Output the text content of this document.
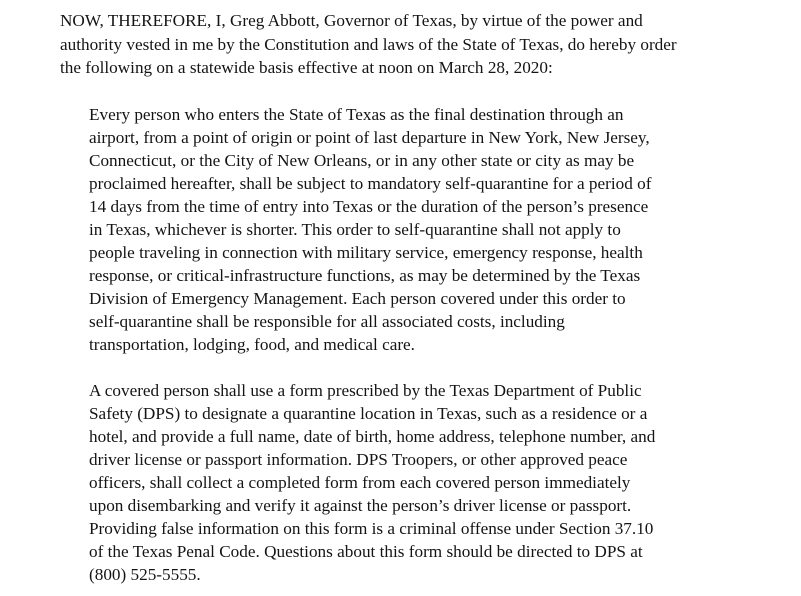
NOW, THEREFORE, I, Greg Abbott, Governor of Texas, by virtue of the power and
authority vested in me by the Constitution and laws of the State of Texas, do hereby order
the following on a statewide basis effective at noon on March 28, 2020:
Every person who enters the State of Texas as the final destination through an
airport, from a point of origin or point of last departure in New York, New Jersey,
Connecticut, or the City of New Orleans, or in any other state or city as may be
proclaimed hereafter, shall be subject to mandatory self-quarantine for a period of
14 days from the time of entry into Texas or the duration of the person’s presence
in Texas, whichever is shorter. This order to self-quarantine shall not apply to
people traveling in connection with military service, emergency response, health
response, or critical-infrastructure functions, as may be determined by the Texas
Division of Emergency Management. Each person covered under this order to
self-quarantine shall be responsible for all associated costs, including
transportation, lodging, food, and medical care.
A covered person shall use a form prescribed by the Texas Department of Public
Safety (DPS) to designate a quarantine location in Texas, such as a residence or a
hotel, and provide a full name, date of birth, home address, telephone number, and
driver license or passport information. DPS Troopers, or other approved peace
officers, shall collect a completed form from each covered person immediately
upon disembarking and verify it against the person’s driver license or passport.
Providing false information on this form is a criminal offense under Section 37.10
of the Texas Penal Code. Questions about this form should be directed to DPS at
(800) 525-5555.
